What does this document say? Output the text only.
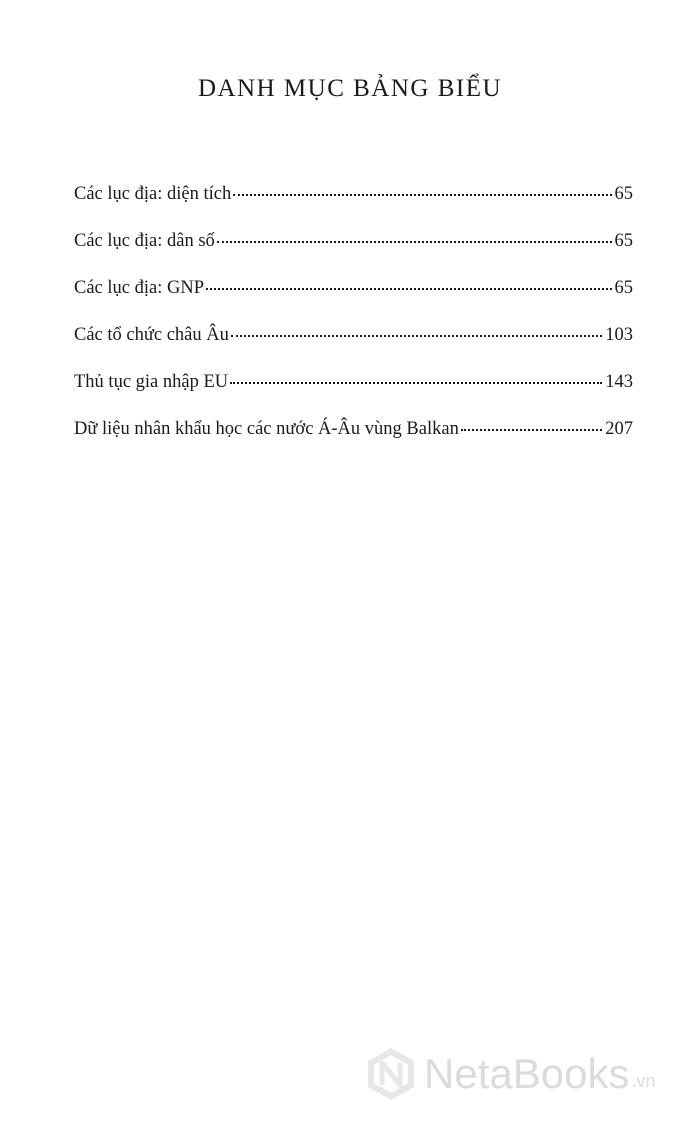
DANH MỤC BẢNG BIỂU
Các lục địa: diện tích	65
Các lục địa: dân số	65
Các lục địa: GNP	65
Các tổ chức châu Âu	103
Thủ tục gia nhập EU	143
Dữ liệu nhân khẩu học các nước Á-Âu vùng Balkan	207
NetaBooks .vn
